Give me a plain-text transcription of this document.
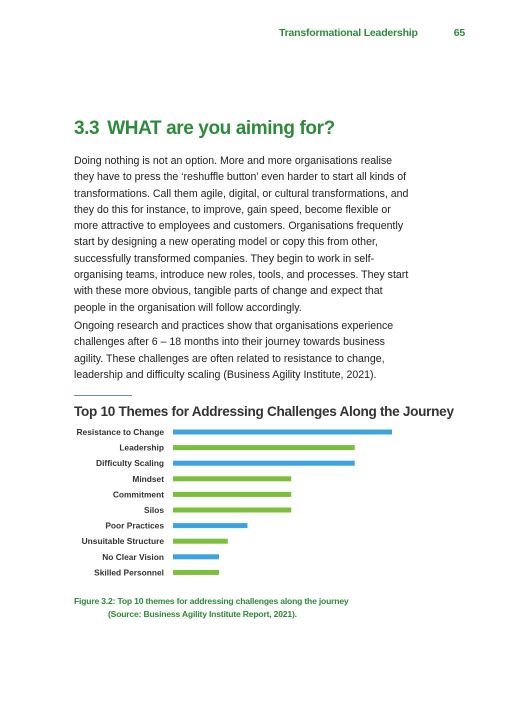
Transformational Leadership	65
3.3 WHAT are you aiming for?

Doing nothing is not an option. More and more organisations realise they have to press the ‘reshuffle button’ even harder to start all kinds of transformations. Call them agile, digital, or cultural transformations, and they do this for instance, to improve, gain speed, become flexible or more attractive to employees and customers. Organisations frequently start by designing a new operating model or copy this from other, successfully transformed companies. They begin to work in self-organising teams, introduce new roles, tools, and processes. They start with these more obvious, tangible parts of change and expect that people in the organisation will follow accordingly.

Ongoing research and practices show that organisations experience challenges after 6 – 18 months into their journey towards business agility. These challenges are often related to resistance to change, leadership and difficulty scaling (Business Agility Institute, 2021).

Top 10 Themes for Addressing Challenges Along the Journey
Resistance to Change
Leadership
Difficulty Scaling
Mindset
Commitment
Silos
Poor Practices
Unsuitable Structure
No Clear Vision
Skilled Personnel

Figure 3.2: Top 10 themes for addressing challenges along the journey
(Source: Business Agility Institute Report, 2021).
